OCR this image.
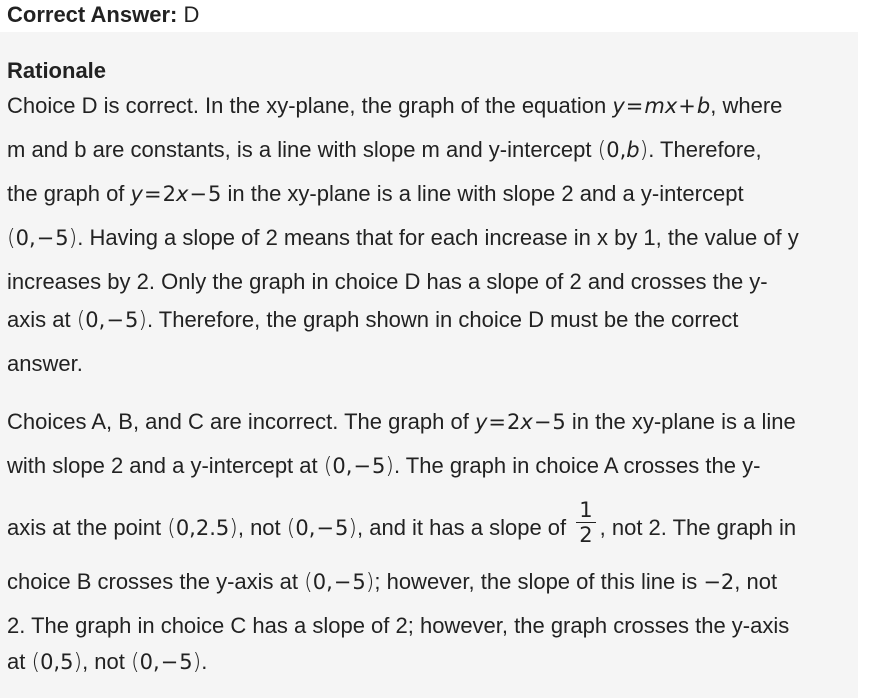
Correct Answer: D
Rationale
Choice D is correct. In the xy-plane, the graph of the equation y=mx+b, where
m and b are constants, is a line with slope m and y-intercept (0,b). Therefore,
the graph of y=2x−5 in the xy-plane is a line with slope 2 and a y-intercept
(0,−5). Having a slope of 2 means that for each increase in x by 1, the value of y
increases by 2. Only the graph in choice D has a slope of 2 and crosses the y-
axis at (0,−5). Therefore, the graph shown in choice D must be the correct
answer.
Choices A, B, and C are incorrect. The graph of y=2x−5 in the xy-plane is a line
with slope 2 and a y-intercept at (0,−5). The graph in choice A crosses the y-
axis at the point (0,2.5), not (0,−5), and it has a slope of $\frac{1}{2}$ , not 2. The graph in
choice B crosses the y-axis at (0,−5); however, the slope of this line is −2, not
2. The graph in choice C has a slope of 2; however, the graph crosses the y-axis
at (0,5), not (0,−5).
